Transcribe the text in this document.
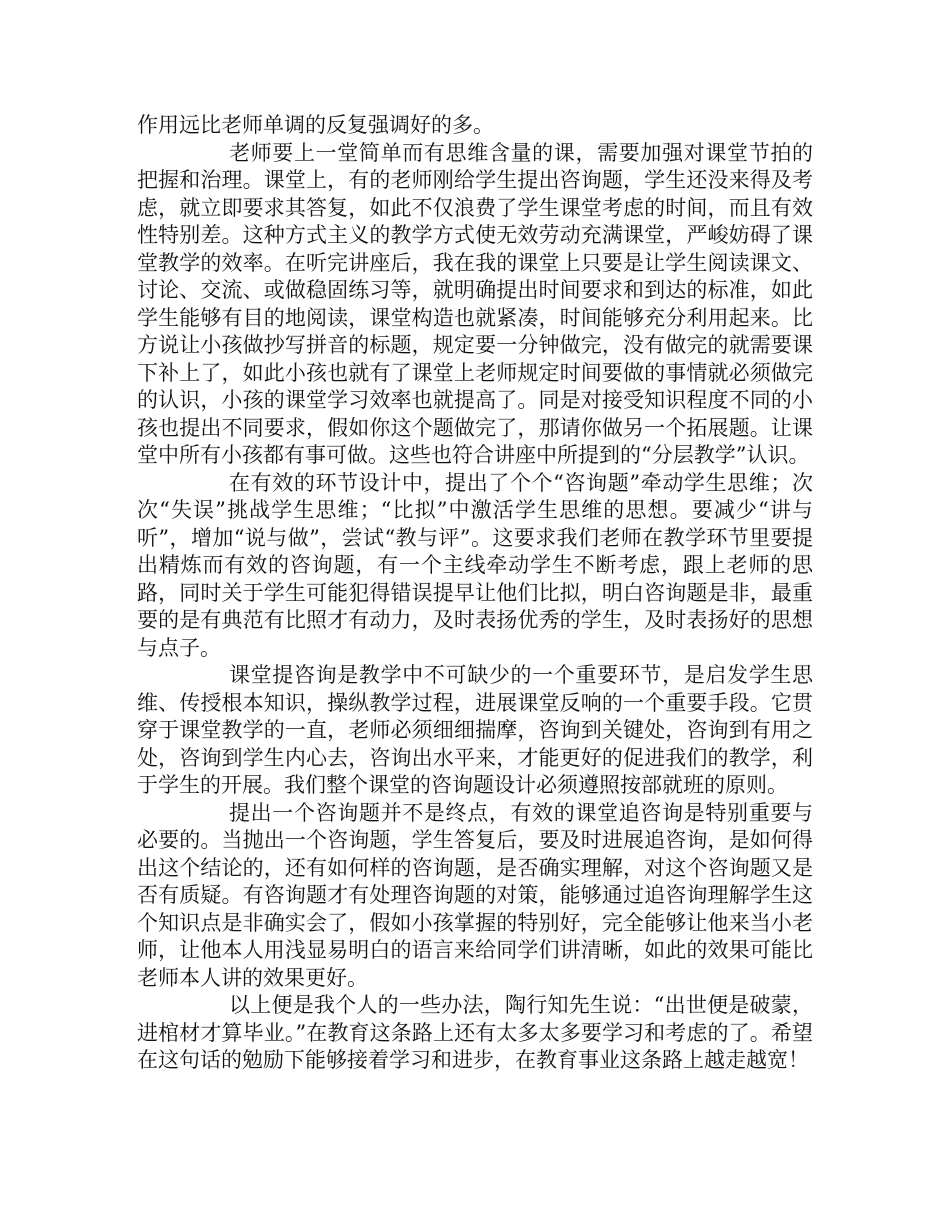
作用远比老师单调的反复强调好的多。

老师要上一堂简单而有思维含量的课，需要加强对课堂节拍的把握和治理。课堂上，有的老师刚给学生提出咨询题，学生还没来得及考虑，就立即要求其答复，如此不仅浪费了学生课堂考虑的时间，而且有效性特别差。这种方式主义的教学方式使无效劳动充满课堂，严峻妨碍了课堂教学的效率。在听完讲座后，我在我的课堂上只要是让学生阅读课文、讨论、交流、或做稳固练习等，就明确提出时间要求和到达的标准，如此学生能够有目的地阅读，课堂构造也就紧凑，时间能够充分利用起来。比方说让小孩做抄写拼音的标题，规定要一分钟做完，没有做完的就需要课下补上了，如此小孩也就有了课堂上老师规定时间要做的事情就必须做完的认识，小孩的课堂学习效率也就提高了。同是对接受知识程度不同的小孩也提出不同要求，假如你这个题做完了，那请你做另一个拓展题。让课堂中所有小孩都有事可做。这些也符合讲座中所提到的“分层教学”认识。

在有效的环节设计中，提出了个个“咨询题”牵动学生思维；次次“失误”挑战学生思维；“比拟”中激活学生思维的思想。要减少“讲与听”，增加“说与做”，尝试“教与评”。这要求我们老师在教学环节里要提出精炼而有效的咨询题，有一个主线牵动学生不断考虑，跟上老师的思路，同时关于学生可能犯得错误提早让他们比拟，明白咨询题是非，最重要的是有典范有比照才有动力，及时表扬优秀的学生，及时表扬好的思想与点子。

课堂提咨询是教学中不可缺少的一个重要环节，是启发学生思维、传授根本知识，操纵教学过程，进展课堂反响的一个重要手段。它贯穿于课堂教学的一直，老师必须细细揣摩，咨询到关键处，咨询到有用之处，咨询到学生内心去，咨询出水平来，才能更好的促进我们的教学，利于学生的开展。我们整个课堂的咨询题设计必须遵照按部就班的原则。

提出一个咨询题并不是终点，有效的课堂追咨询是特别重要与必要的。当抛出一个咨询题，学生答复后，要及时进展追咨询，是如何得出这个结论的，还有如何样的咨询题，是否确实理解，对这个咨询题又是否有质疑。有咨询题才有处理咨询题的对策，能够通过追咨询理解学生这个知识点是非确实会了，假如小孩掌握的特别好，完全能够让他来当小老师，让他本人用浅显易明白的语言来给同学们讲清晰，如此的效果可能比老师本人讲的效果更好。

以上便是我个人的一些办法，陶行知先生说：“出世便是破蒙，进棺材才算毕业。”在教育这条路上还有太多太多要学习和考虑的了。希望在这句话的勉励下能够接着学习和进步，在教育事业这条路上越走越宽！
